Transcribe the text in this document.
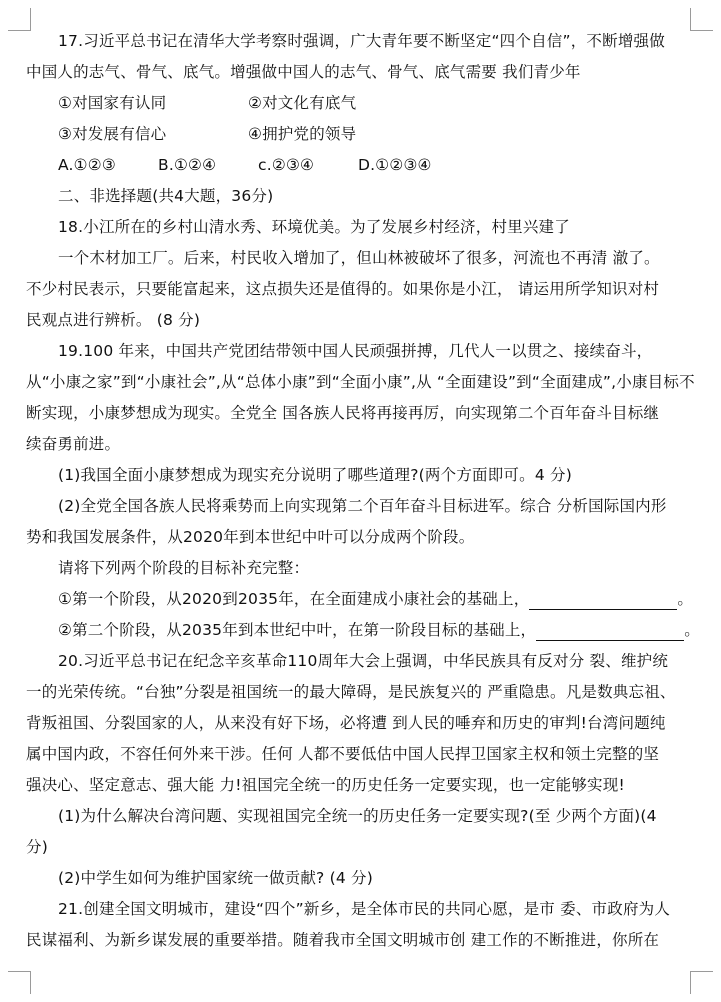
17.习近平总书记在清华大学考察时强调，广大青年要不断坚定“四个自信”，不断增强做
中国人的志气、骨气、底气。增强做中国人的志气、骨气、底气需要 我们青少年
①对国家有认同	②对文化有底气
③对发展有信心	④拥护党的领导
A.①②③	B.①②④	c.②③④	D.①②③④
二、非选择题(共4大题，36分)
18.小江所在的乡村山清水秀、环境优美。为了发展乡村经济，村里兴建了
一个木材加工厂。后来，村民收入增加了，但山林被破坏了很多，河流也不再清 澈了。
不少村民表示，只要能富起来，这点损失还是值得的。如果你是小江， 请运用所学知识对村
民观点进行辨析。 (8 分)
19.100 年来，中国共产党团结带领中国人民顽强拼搏，几代人一以贯之、接续奋斗，
从“小康之家”到“小康社会”,从“总体小康”到“全面小康”,从 “全面建设”到“全面建成”,小康目标不
断实现，小康梦想成为现实。全党全 国各族人民将再接再厉，向实现第二个百年奋斗目标继
续奋勇前进。
(1)我国全面小康梦想成为现实充分说明了哪些道理?(两个方面即可。4 分)
(2)全党全国各族人民将乘势而上向实现第二个百年奋斗目标进军。综合 分析国际国内形
势和我国发展条件，从2020年到本世纪中叶可以分成两个阶段。
请将下列两个阶段的目标补充完整：
①第一个阶段，从2020到2035年，在全面建成小康社会的基础上，	。
②第二个阶段，从2035年到本世纪中叶，在第一阶段目标的基础上，	。
20.习近平总书记在纪念辛亥革命110周年大会上强调，中华民族具有反对分 裂、维护统
一的光荣传统。“台独”分裂是祖国统一的最大障碍，是民族复兴的 严重隐患。凡是数典忘祖、
背叛祖国、分裂国家的人，从来没有好下场，必将遭 到人民的唾弃和历史的审判!台湾问题纯
属中国内政，不容任何外来干涉。任何 人都不要低估中国人民捍卫国家主权和领土完整的坚
强决心、坚定意志、强大能 力!祖国完全统一的历史任务一定要实现，也一定能够实现!
(1)为什么解决台湾问题、实现祖国完全统一的历史任务一定要实现?(至 少两个方面)(4
分)
(2)中学生如何为维护国家统一做贡献? (4 分)
21.创建全国文明城市，建设“四个”新乡，是全体市民的共同心愿，是市 委、市政府为人
民谋福利、为新乡谋发展的重要举措。随着我市全国文明城市创 建工作的不断推进，你所在
